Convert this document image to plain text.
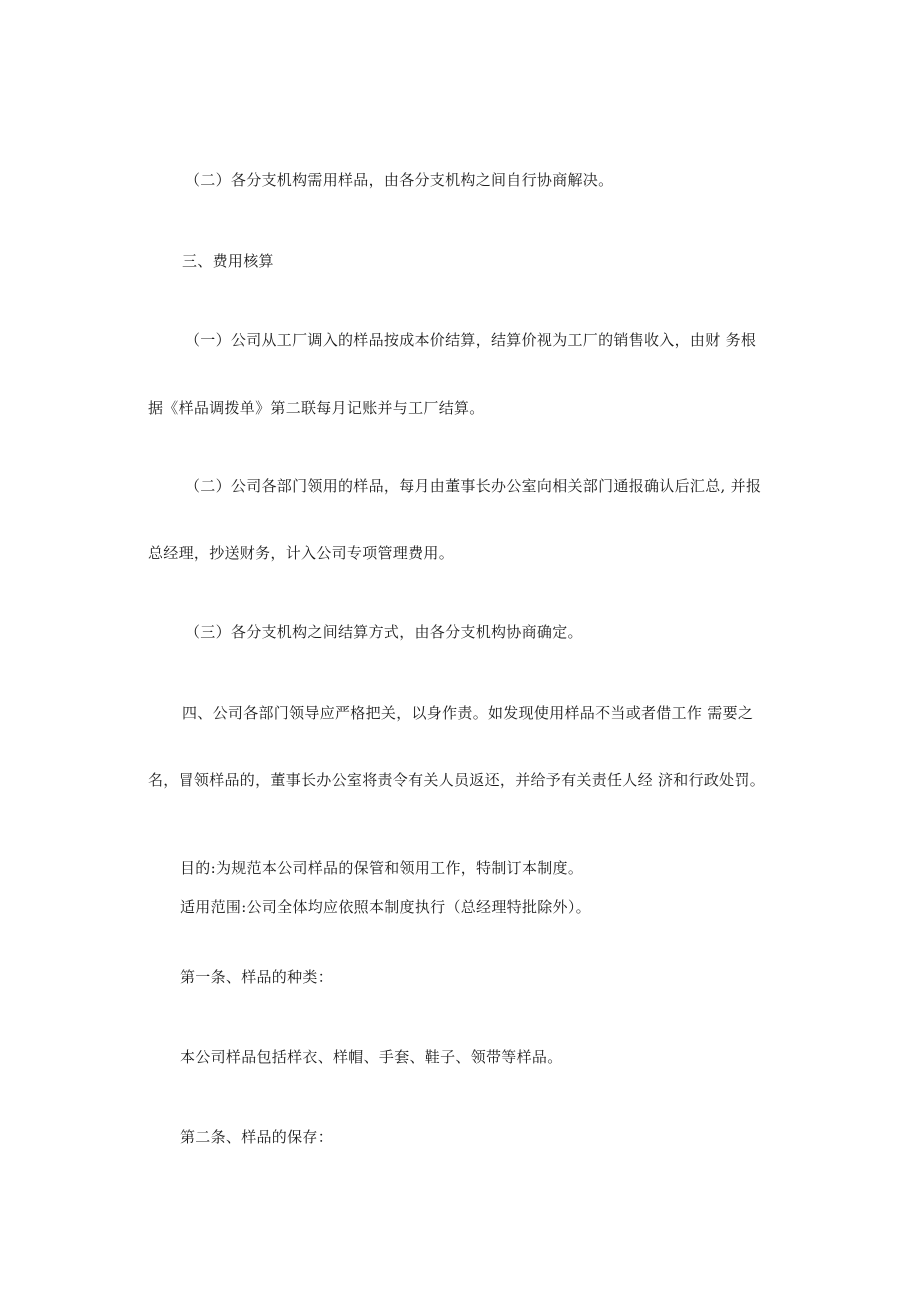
（二）各分支机构需用样品，由各分支机构之间自行协商解决。
三、费用核算
（一）公司从工厂调入的样品按成本价结算，结算价视为工厂的销售收入，由财 务根
据《样品调拨单》第二联每月记账并与工厂结算。
（二）公司各部门领用的样品，每月由董事长办公室向相关部门通报确认后汇总, 并报
总经理，抄送财务，计入公司专项管理费用。
（三）各分支机构之间结算方式，由各分支机构协商确定。
四、公司各部门领导应严格把关，以身作责。如发现使用样品不当或者借工作 需要之
名，冒领样品的，董事长办公室将责令有关人员返还，并给予有关责任人经 济和行政处罚。
目的:为规范本公司样品的保管和领用工作，特制订本制度。
适用范围:公司全体均应依照本制度执行（总经理特批除外）。
第一条、样品的种类：
本公司样品包括样衣、样帽、手套、鞋子、领带等样品。
第二条、样品的保存：
